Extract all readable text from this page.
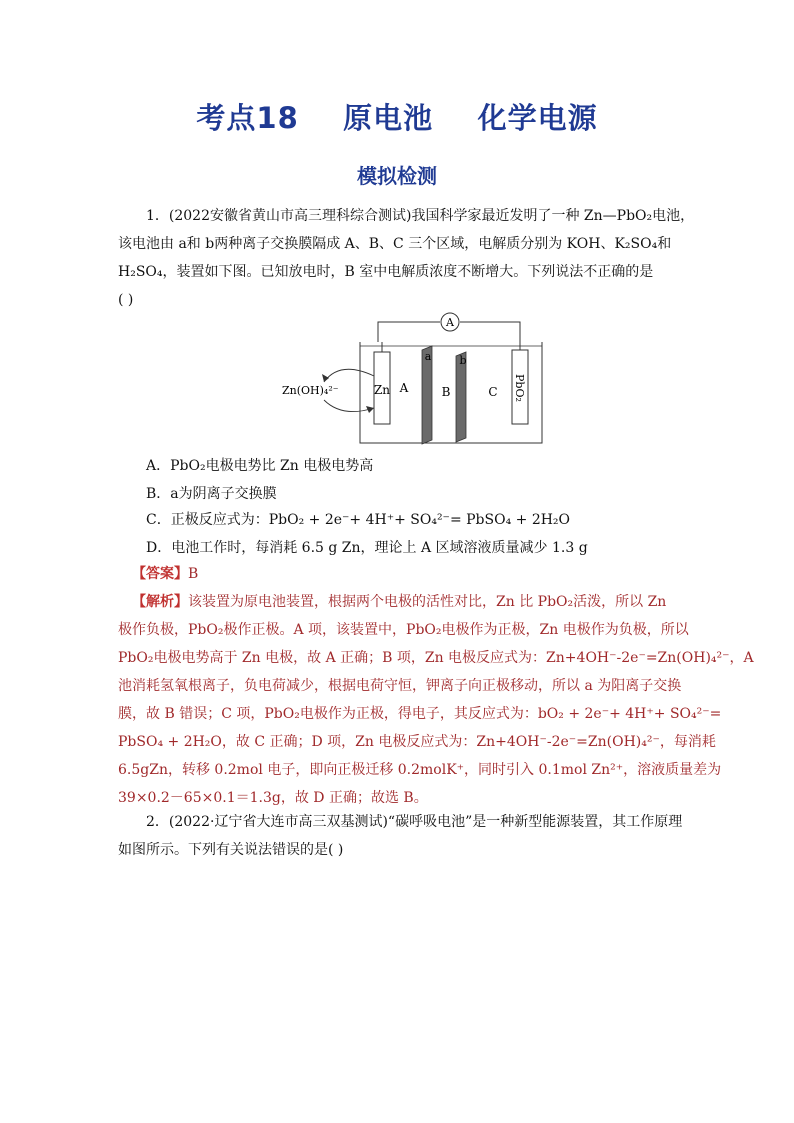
考点18 原电池 化学电源
模拟检测
1．(2022安徽省黄山市高三理科综合测试)我国科学家最近发明了一种 Zn—PbO₂电池，
该电池由 a和 b两种离子交换膜隔成 A、B、C 三个区域，电解质分别为 KOH、K₂SO₄和
H₂SO₄，装置如下图。已知放电时，B 室中电解质浓度不断增大。下列说法不正确的是
( )
A
a	b
Zn A	B	C PbO₂
Zn(OH)₄²⁻
A．PbO₂电极电势比 Zn 电极电势高
B．a为阴离子交换膜
C．正极反应式为：PbO₂ + 2e⁻+ 4H⁺+ SO₄²⁻= PbSO₄ + 2H₂O
D．电池工作时，每消耗 6.5 g Zn，理论上 A 区域溶液质量减少 1.3 g
【答案】B
【解析】该装置为原电池装置，根据两个电极的活性对比，Zn 比 PbO₂活泼，所以 Zn
极作负极，PbO₂极作正极。A 项，该装置中，PbO₂电极作为正极，Zn 电极作为负极，所以
PbO₂电极电势高于 Zn 电极，故 A 正确；B 项，Zn 电极反应式为：Zn+4OH⁻-2e⁻=Zn(OH)₄²⁻，A
池消耗氢氧根离子，负电荷减少，根据电荷守恒，钾离子向正极移动，所以 a 为阳离子交换
膜，故 B 错误；C 项，PbO₂电极作为正极，得电子，其反应式为：bO₂ + 2e⁻+ 4H⁺+ SO₄²⁻=
PbSO₄ + 2H₂O，故 C 正确；D 项，Zn 电极反应式为：Zn+4OH⁻-2e⁻=Zn(OH)₄²⁻，每消耗
6.5gZn，转移 0.2mol 电子，即向正极迁移 0.2molK⁺，同时引入 0.1mol Zn²⁺，溶液质量差为
39×0.2－65×0.1＝1.3g，故 D 正确；故选 B。
2．(2022·辽宁省大连市高三双基测试)“碳呼吸电池”是一种新型能源装置，其工作原理
如图所示。下列有关说法错误的是( )
